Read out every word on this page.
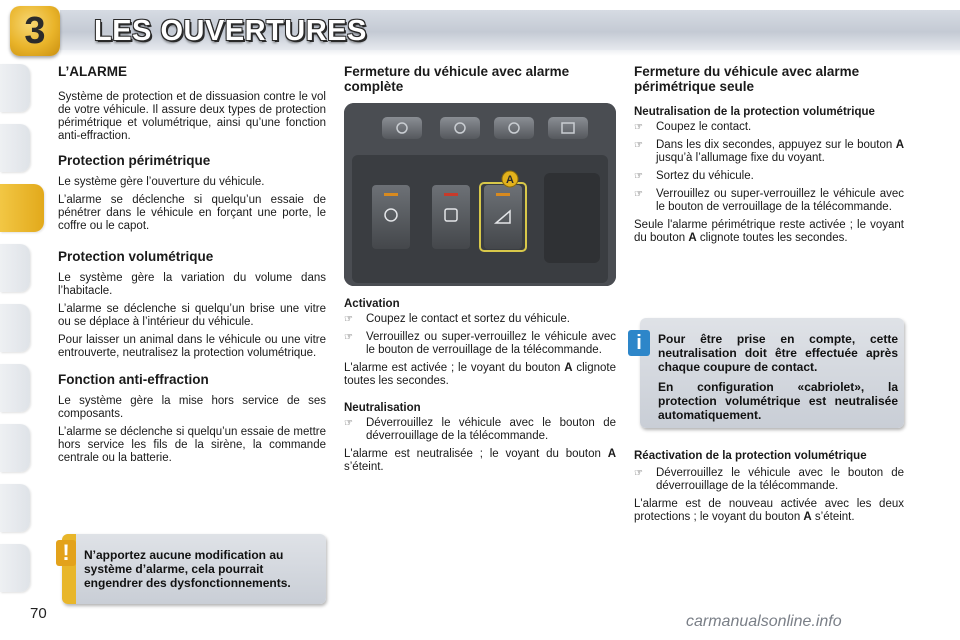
3	LES OUVERTURES
L’ALARME

Système de protection et de dissuasion contre le vol de votre véhicule. Il assure deux types de protection périmétrique et volumétrique, ainsi qu’une fonction anti-effraction.

Protection périmétrique

Le système gère l’ouverture du véhicule.

L’alarme se déclenche si quelqu’un essaie de pénétrer dans le véhicule en forçant une porte, le coffre ou le capot.

Protection volumétrique

Le système gère la variation du volume dans l’habitacle.

L’alarme se déclenche si quelqu’un brise une vitre ou se déplace à l’intérieur du véhicule.

Pour laisser un animal dans le véhicule ou une vitre entrouverte, neutralisez la protection volumétrique.

Fonction anti-effraction

Le système gère la mise hors service de ses composants.

L’alarme se déclenche si quelqu’un essaie de mettre hors service les fils de la sirène, la commande centrale ou la batterie.

N’apportez aucune modification au système d’alarme, cela pourrait engendrer des dysfonctionnements.
!
Fermeture du véhicule avec alarme complète
A
Activation
☞	Coupez le contact et sortez du véhicule.
☞	Verrouillez ou super-verrouillez le véhicule avec le bouton de verrouillage de la télécommande.

L'alarme est activée ; le voyant du bouton A clignote toutes les secondes.

Neutralisation
☞	Déverrouillez le véhicule avec le bouton de déverrouillage de la télécommande.

L'alarme est neutralisée ; le voyant du bouton A s’éteint.

Fermeture du véhicule avec alarme périmétrique seule
Neutralisation de la protection volumétrique
☞	Coupez le contact.
☞	Dans les dix secondes, appuyez sur le bouton A jusqu’à l’allumage fixe du voyant.
☞	Sortez du véhicule.
☞	Verrouillez ou super-verrouillez le véhicule avec le bouton de verrouillage de la télécommande.

Seule l'alarme périmétrique reste activée ; le voyant du bouton A clignote toutes les secondes.

Pour être prise en compte, cette neutralisation doit être effectuée après chaque coupure de contact.
En configuration «cabriolet», la protection volumétrique est neutralisée automatiquement.
i
Réactivation de la protection volumétrique
☞	Déverrouillez le véhicule avec le bouton de déverrouillage de la télécommande.

L'alarme est de nouveau activée avec les deux protections ; le voyant du bouton A s’éteint.

70	carmanualsonline.info
